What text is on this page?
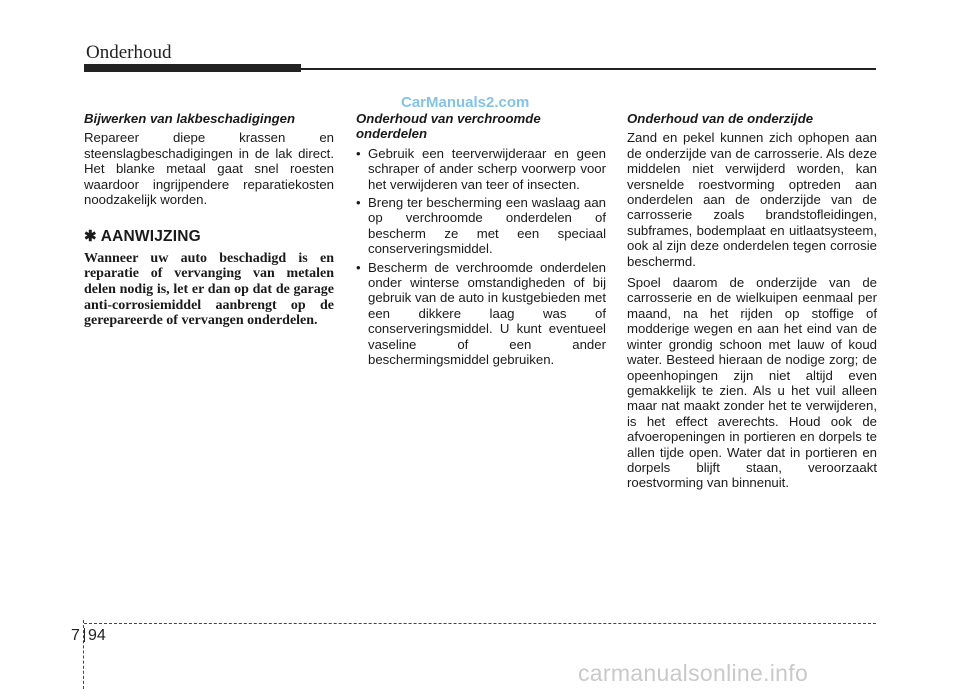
Onderhoud
CarManuals2.com

Bijwerken van lakbeschadigingen

Repareer diepe krassen en steenslagbeschadigingen in de lak direct. Het blanke metaal gaat snel roesten waardoor ingrijpendere reparatiekosten noodzakelijk worden.

✱ AANWIJZING

Wanneer uw auto beschadigd is en reparatie of vervanging van metalen delen nodig is, let er dan op dat de garage anti-corrosiemiddel aanbrengt op de gerepareerde of vervangen onderdelen.

Onderhoud van verchroomde onderdelen

• Gebruik een teerverwijderaar en geen schraper of ander scherp voorwerp voor het verwijderen van teer of insecten.
• Breng ter bescherming een waslaag aan op verchroomde onderdelen of bescherm ze met een speciaal conserveringsmiddel.
• Bescherm de verchroomde onderdelen onder winterse omstandigheden of bij gebruik van de auto in kustgebieden met een dikkere laag was of conserveringsmiddel. U kunt eventueel vaseline of een ander beschermingsmiddel gebruiken.

Onderhoud van de onderzijde

Zand en pekel kunnen zich ophopen aan de onderzijde van de carrosserie. Als deze middelen niet verwijderd worden, kan versnelde roestvorming optreden aan onderdelen aan de onderzijde van de carrosserie zoals brandstofleidingen, subframes, bodemplaat en uitlaatsysteem, ook al zijn deze onderdelen tegen corrosie beschermd.

Spoel daarom de onderzijde van de carrosserie en de wielkuipen eenmaal per maand, na het rijden op stoffige of modderige wegen en aan het eind van de winter grondig schoon met lauw of koud water. Besteed hieraan de nodige zorg; de opeenhopingen zijn niet altijd even gemakkelijk te zien. Als u het vuil alleen maar nat maakt zonder het te verwijderen, is het effect averechts. Houd ook de afvoeropeningen in portieren en dorpels te allen tijde open. Water dat in portieren en dorpels blijft staan, veroorzaakt roestvorming van binnenuit.

7 94
carmanualsonline.info
